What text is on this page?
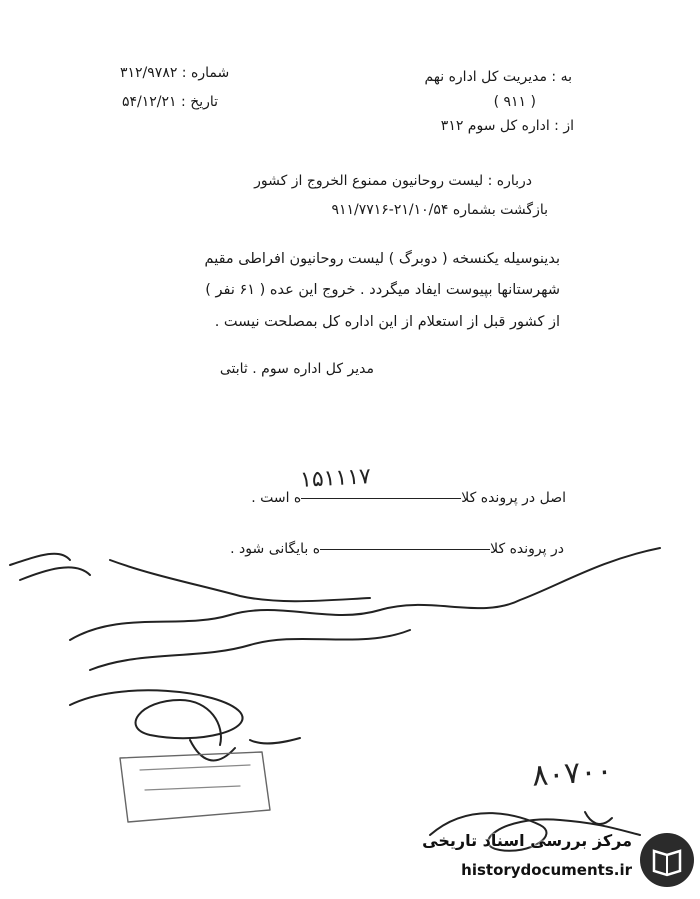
شماره : ۳۱۲/۹۷۸۲
تاریخ : ۵۴/۱۲/۲۱
به : مدیریت کل اداره نهم
( ۹۱۱ )
از : اداره کل سوم ۳۱۲
درباره : لیست روحانیون ممنوع الخروج از کشور
بازگشت بشماره ۲۱/۱۰/۵۴-۹۱۱/۷۷۱۶
بدینوسیله یکنسخه ( دوبرگ ) لیست روحانیون افراطی مقیم
شهرستانها بپیوست ایفاد میگردد . خروج این عده ( ۶۱ نفر )
از کشور قبل از استعلام از این اداره کل بمصلحت نیست .
مدیر کل اداره سوم . ثابتی
اصل در پرونده کلاه است .
۱۵۱۱۱۷
در پرونده کلاه بایگانی شود .
۸۰۷۰۰
مرکز بررسی اسناد تاریخی
historydocuments.ir
